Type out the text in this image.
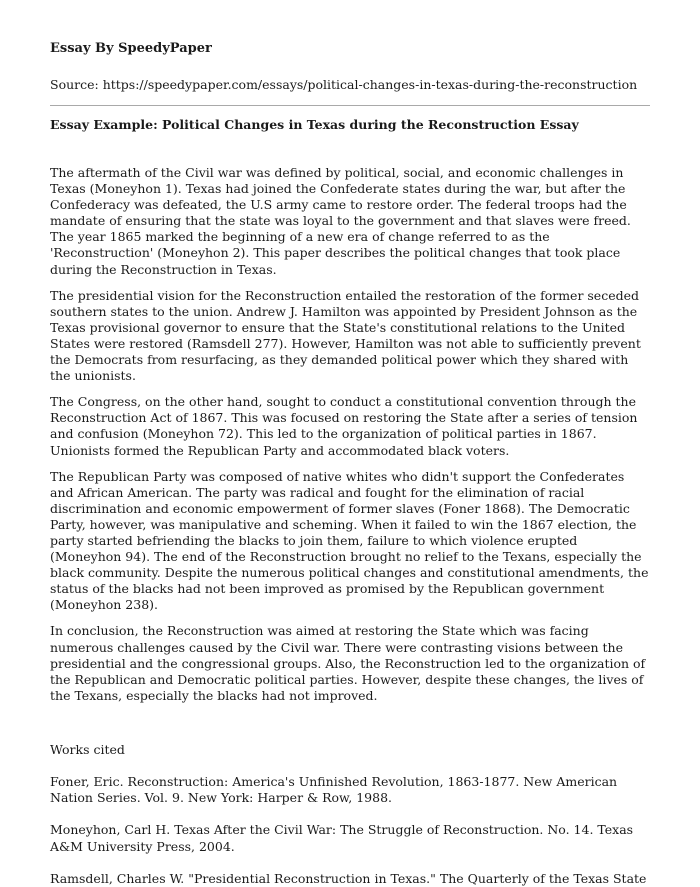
Essay By SpeedyPaper

Source: https://speedypaper.com/essays/political-changes-in-texas-during-the-reconstruction

Essay Example: Political Changes in Texas during the Reconstruction Essay

The aftermath of the Civil war was defined by political, social, and economic challenges in Texas (Moneyhon 1). Texas had joined the Confederate states during the war, but after the Confederacy was defeated, the U.S army came to restore order. The federal troops had the mandate of ensuring that the state was loyal to the government and that slaves were freed. The year 1865 marked the beginning of a new era of change referred to as the 'Reconstruction' (Moneyhon 2). This paper describes the political changes that took place during the Reconstruction in Texas.

The presidential vision for the Reconstruction entailed the restoration of the former seceded southern states to the union. Andrew J. Hamilton was appointed by President Johnson as the Texas provisional governor to ensure that the State's constitutional relations to the United States were restored (Ramsdell 277). However, Hamilton was not able to sufficiently prevent the Democrats from resurfacing, as they demanded political power which they shared with the unionists.

The Congress, on the other hand, sought to conduct a constitutional convention through the Reconstruction Act of 1867. This was focused on restoring the State after a series of tension and confusion (Moneyhon 72). This led to the organization of political parties in 1867. Unionists formed the Republican Party and accommodated black voters.

The Republican Party was composed of native whites who didn't support the Confederates and African American. The party was radical and fought for the elimination of racial discrimination and economic empowerment of former slaves (Foner 1868). The Democratic Party, however, was manipulative and scheming. When it failed to win the 1867 election, the party started befriending the blacks to join them, failure to which violence erupted (Moneyhon 94). The end of the Reconstruction brought no relief to the Texans, especially the black community. Despite the numerous political changes and constitutional amendments, the status of the blacks had not been improved as promised by the Republican government (Moneyhon 238).

In conclusion, the Reconstruction was aimed at restoring the State which was facing numerous challenges caused by the Civil war. There were contrasting visions between the presidential and the congressional groups. Also, the Reconstruction led to the organization of the Republican and Democratic political parties. However, despite these changes, the lives of the Texans, especially the blacks had not improved.

Works cited

Foner, Eric. Reconstruction: America's Unfinished Revolution, 1863-1877. New American Nation Series. Vol. 9. New York: Harper & Row, 1988.

Moneyhon, Carl H. Texas After the Civil War: The Struggle of Reconstruction. No. 14. Texas A&M University Press, 2004.

Ramsdell, Charles W. "Presidential Reconstruction in Texas." The Quarterly of the Texas State
